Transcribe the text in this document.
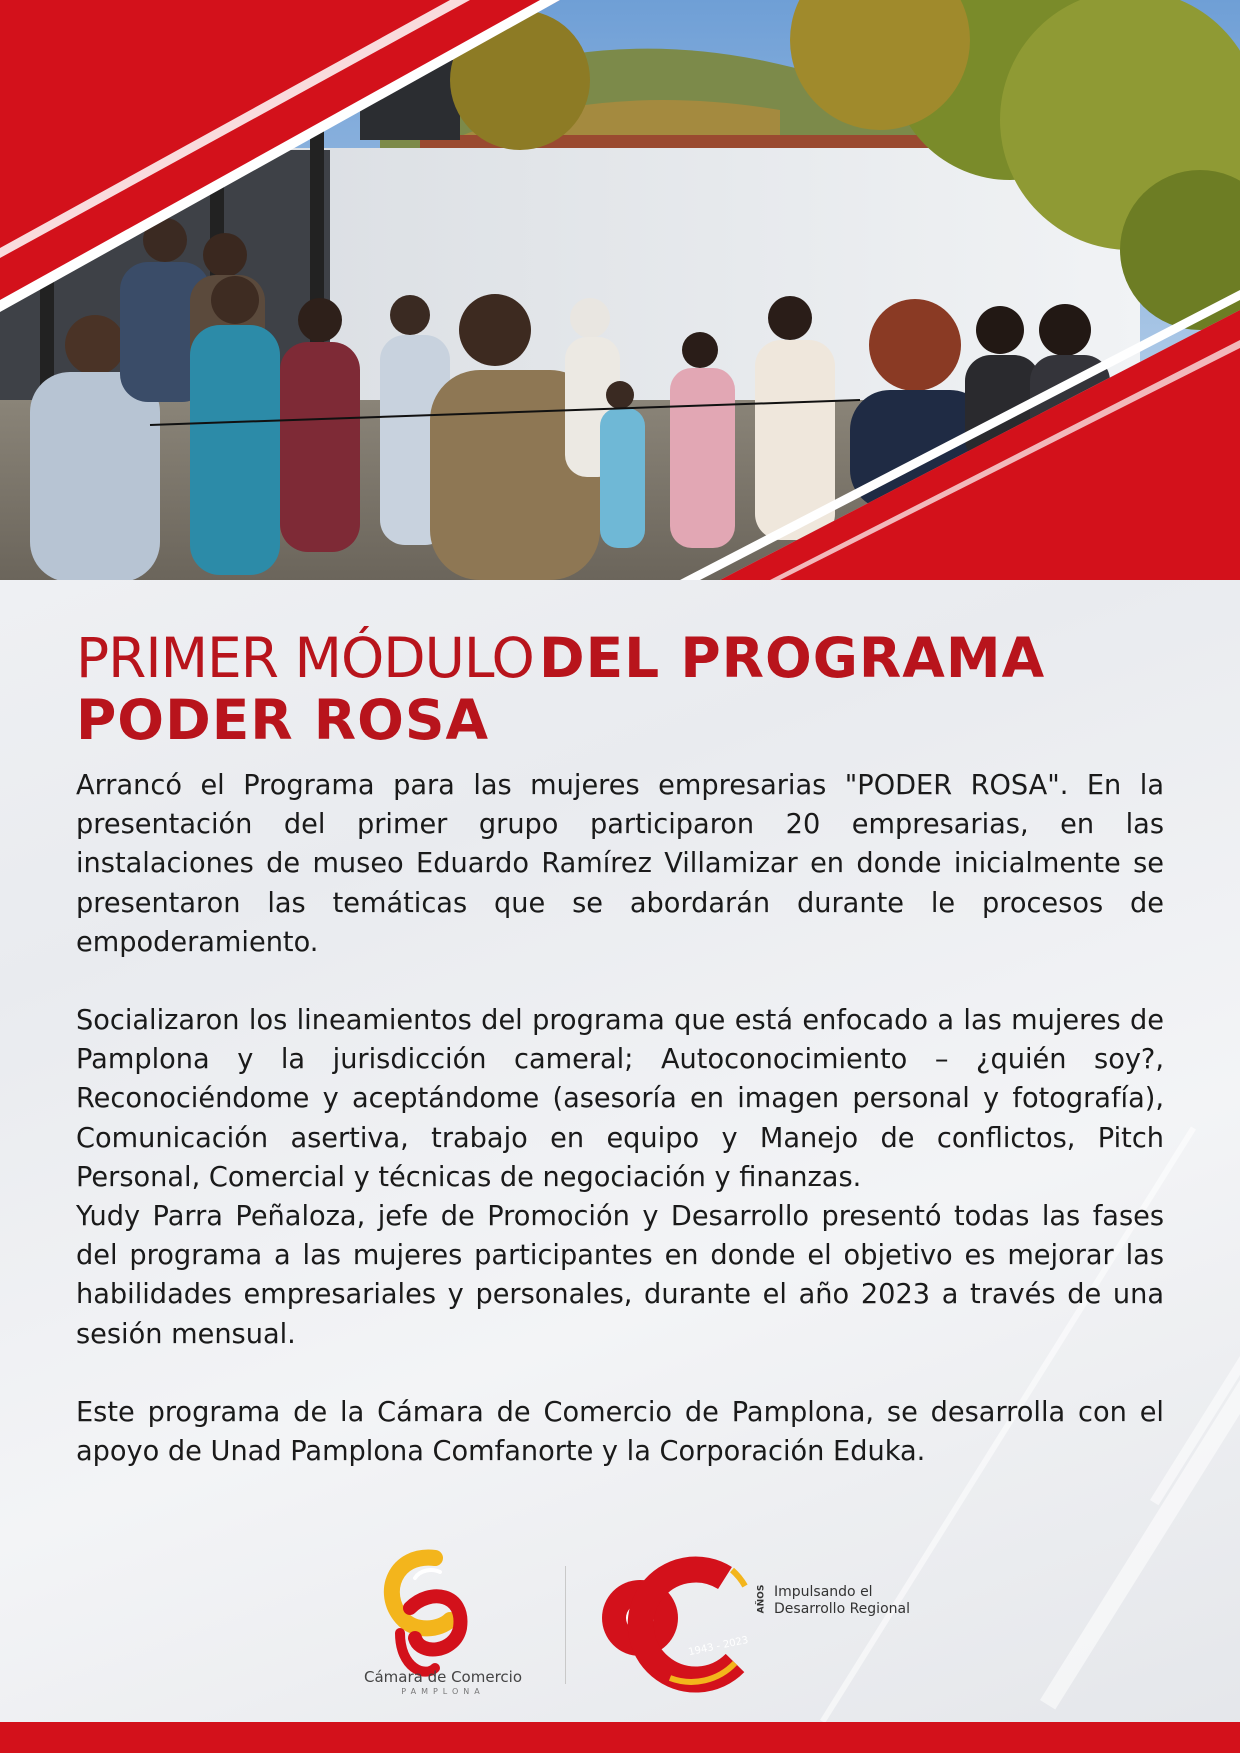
PRIMER MÓDULO DEL PROGRAMA
PODER ROSA

Arrancó el Programa para las mujeres empresarias "PODER ROSA". En la presentación del primer grupo participaron 20 empresarias, en las instalaciones de museo Eduardo Ramírez Villamizar en donde inicialmente se presentaron las temáticas que se abordarán durante le procesos de empoderamiento.

Socializaron los lineamientos del programa que está enfocado a las mujeres de Pamplona y la jurisdicción cameral; Autoconocimiento – ¿quién soy?, Reconociéndome y aceptándome (asesoría en imagen personal y fotografía), Comunicación asertiva, trabajo en equipo y Manejo de conflictos, Pitch Personal, Comercial y técnicas de negociación y finanzas.

Yudy Parra Peñaloza, jefe de Promoción y Desarrollo presentó todas las fases del programa a las mujeres participantes en donde el objetivo es mejorar las habilidades empresariales y personales, durante el año 2023 a través de una sesión mensual.

Este programa de la Cámara de Comercio de Pamplona, se desarrolla con el apoyo de Unad Pamplona Comfanorte y la Corporación Eduka.

Cámara de Comercio
PAMPLONA
AÑOS
1943 - 2023
Impulsando el
Desarrollo Regional
